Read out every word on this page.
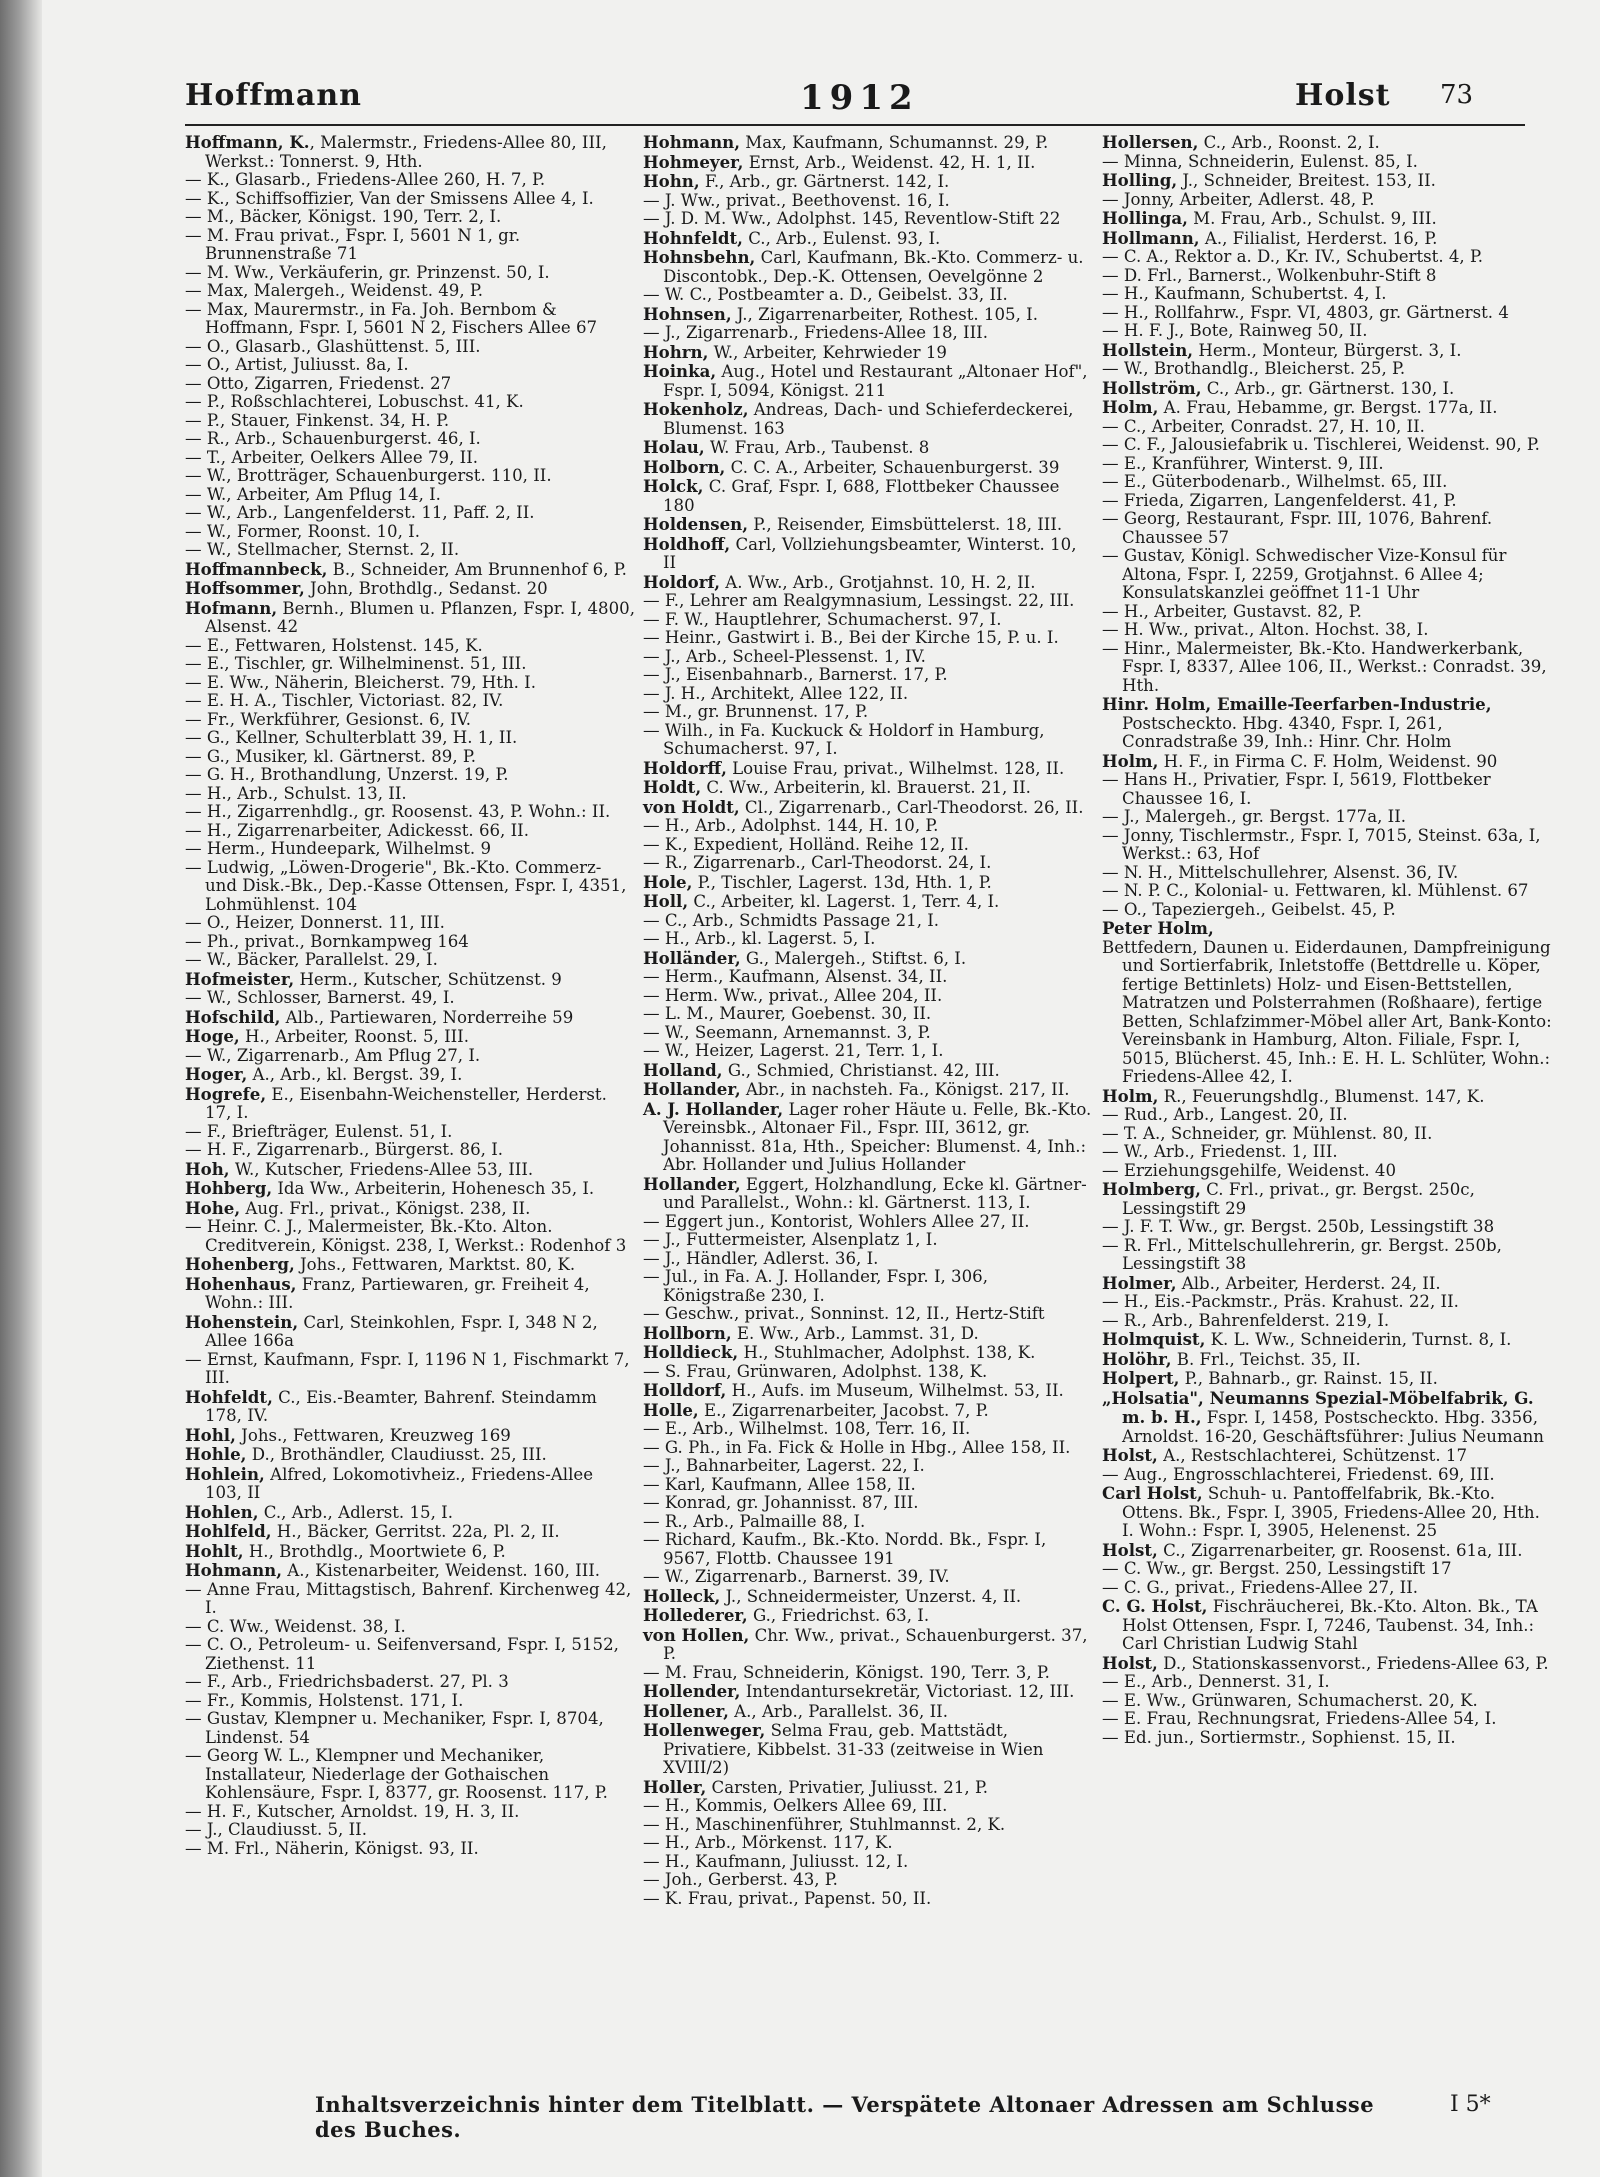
Hoffmann	1912	Holst 73
Hoffmann, K., Malermstr., Friedens-Allee 80, III, Werkst.: Tonnerst. 9, Hth.
— K., Glasarb., Friedens-Allee 260, H. 7, P.
— K., Schiffsoffizier, Van der Smissens Allee 4, I.
— M., Bäcker, Königst. 190, Terr. 2, I.
— M. Frau privat., Fspr. I, 5601 N 1, gr. Brunnenstraße 71
— M. Ww., Verkäuferin, gr. Prinzenst. 50, I.
— Max, Malergeh., Weidenst. 49, P.
— Max, Maurermstr., in Fa. Joh. Bernbom & Hoffmann, Fspr. I, 5601 N 2, Fischers Allee 67
— O., Glasarb., Glashüttenst. 5, III.
— O., Artist, Juliusst. 8a, I.
— Otto, Zigarren, Friedenst. 27
— P., Roßschlachterei, Lobuschst. 41, K.
— P., Stauer, Finkenst. 34, H. P.
— R., Arb., Schauenburgerst. 46, I.
— T., Arbeiter, Oelkers Allee 79, II.
— W., Brotträger, Schauenburgerst. 110, II.
— W., Arbeiter, Am Pflug 14, I.
— W., Arb., Langenfelderst. 11, Paff. 2, II.
— W., Former, Roonst. 10, I.
— W., Stellmacher, Sternst. 2, II.
Hoffmannbeck, B., Schneider, Am Brunnenhof 6, P.
Hoffsommer, John, Brothdlg., Sedanst. 20
Hofmann, Bernh., Blumen u. Pflanzen, Fspr. I, 4800, Alsenst. 42
— E., Fettwaren, Holstenst. 145, K.
— E., Tischler, gr. Wilhelminenst. 51, III.
— E. Ww., Näherin, Bleicherst. 79, Hth. I.
— E. H. A., Tischler, Victoriast. 82, IV.
— Fr., Werkführer, Gesionst. 6, IV.
— G., Kellner, Schulterblatt 39, H. 1, II.
— G., Musiker, kl. Gärtnerst. 89, P.
— G. H., Brothandlung, Unzerst. 19, P.
— H., Arb., Schulst. 13, II.
— H., Zigarrenhdlg., gr. Roosenst. 43, P. Wohn.: II.
— H., Zigarrenarbeiter, Adickesst. 66, II.
— Herm., Hundeepark, Wilhelmst. 9
— Ludwig, „Löwen-Drogerie", Bk.-Kto. Commerz- und Disk.-Bk., Dep.-Kasse Ottensen, Fspr. I, 4351, Lohmühlenst. 104
— O., Heizer, Donnerst. 11, III.
— Ph., privat., Bornkampweg 164
— W., Bäcker, Parallelst. 29, I.
Hofmeister, Herm., Kutscher, Schützenst. 9
— W., Schlosser, Barnerst. 49, I.
Hofschild, Alb., Partiewaren, Norderreihe 59
Hoge, H., Arbeiter, Roonst. 5, III.
— W., Zigarrenarb., Am Pflug 27, I.
Hoger, A., Arb., kl. Bergst. 39, I.
Hogrefe, E., Eisenbahn-Weichensteller, Herderst. 17, I.
— F., Briefträger, Eulenst. 51, I.
— H. F., Zigarrenarb., Bürgerst. 86, I.
Hoh, W., Kutscher, Friedens-Allee 53, III.
Hohberg, Ida Ww., Arbeiterin, Hohenesch 35, I.
Hohe, Aug. Frl., privat., Königst. 238, II.
— Heinr. C. J., Malermeister, Bk.-Kto. Alton. Creditverein, Königst. 238, I, Werkst.: Rodenhof 3
Hohenberg, Johs., Fettwaren, Marktst. 80, K.
Hohenhaus, Franz, Partiewaren, gr. Freiheit 4, Wohn.: III.
Hohenstein, Carl, Steinkohlen, Fspr. I, 348 N 2, Allee 166a
— Ernst, Kaufmann, Fspr. I, 1196 N 1, Fischmarkt 7, III.
Hohfeldt, C., Eis.-Beamter, Bahrenf. Steindamm 178, IV.
Hohl, Johs., Fettwaren, Kreuzweg 169
Hohle, D., Brothändler, Claudiusst. 25, III.
Hohlein, Alfred, Lokomotivheiz., Friedens-Allee 103, II
Hohlen, C., Arb., Adlerst. 15, I.
Hohlfeld, H., Bäcker, Gerritst. 22a, Pl. 2, II.
Hohlt, H., Brothdlg., Moortwiete 6, P.
Hohmann, A., Kistenarbeiter, Weidenst. 160, III.
— Anne Frau, Mittagstisch, Bahrenf. Kirchenweg 42, I.
— C. Ww., Weidenst. 38, I.
— C. O., Petroleum- u. Seifenversand, Fspr. I, 5152, Ziethenst. 11
— F., Arb., Friedrichsbaderst. 27, Pl. 3
— Fr., Kommis, Holstenst. 171, I.
— Gustav, Klempner u. Mechaniker, Fspr. I, 8704, Lindenst. 54
— Georg W. L., Klempner und Mechaniker, Installateur, Niederlage der Gothaischen Kohlensäure, Fspr. I, 8377, gr. Roosenst. 117, P.
— H. F., Kutscher, Arnoldst. 19, H. 3, II.
— J., Claudiusst. 5, II.
— M. Frl., Näherin, Königst. 93, II.
Hohmann, Max, Kaufmann, Schumannst. 29, P.
Hohmeyer, Ernst, Arb., Weidenst. 42, H. 1, II.
Hohn, F., Arb., gr. Gärtnerst. 142, I.
— J. Ww., privat., Beethovenst. 16, I.
— J. D. M. Ww., Adolphst. 145, Reventlow-Stift 22
Hohnfeldt, C., Arb., Eulenst. 93, I.
Hohnsbehn, Carl, Kaufmann, Bk.-Kto. Commerz- u. Discontobk., Dep.-K. Ottensen, Oevelgönne 2
— W. C., Postbeamter a. D., Geibelst. 33, II.
Hohnsen, J., Zigarrenarbeiter, Rothest. 105, I.
— J., Zigarrenarb., Friedens-Allee 18, III.
Hohrn, W., Arbeiter, Kehrwieder 19
Hoinka, Aug., Hotel und Restaurant „Altonaer Hof", Fspr. I, 5094, Königst. 211
Hokenholz, Andreas, Dach- und Schieferdeckerei, Blumenst. 163
Holau, W. Frau, Arb., Taubenst. 8
Holborn, C. C. A., Arbeiter, Schauenburgerst. 39
Holck, C. Graf, Fspr. I, 688, Flottbeker Chaussee 180
Holdensen, P., Reisender, Eimsbüttelerst. 18, III.
Holdhoff, Carl, Vollziehungsbeamter, Winterst. 10, II
Holdorf, A. Ww., Arb., Grotjahnst. 10, H. 2, II.
— F., Lehrer am Realgymnasium, Lessingst. 22, III.
— F. W., Hauptlehrer, Schumacherst. 97, I.
— Heinr., Gastwirt i. B., Bei der Kirche 15, P. u. I.
— J., Arb., Scheel-Plessenst. 1, IV.
— J., Eisenbahnarb., Barnerst. 17, P.
— J. H., Architekt, Allee 122, II.
— M., gr. Brunnenst. 17, P.
— Wilh., in Fa. Kuckuck & Holdorf in Hamburg, Schumacherst. 97, I.
Holdorff, Louise Frau, privat., Wilhelmst. 128, II.
Holdt, C. Ww., Arbeiterin, kl. Brauerst. 21, II.
von Holdt, Cl., Zigarrenarb., Carl-Theodorst. 26, II.
— H., Arb., Adolphst. 144, H. 10, P.
— K., Expedient, Holländ. Reihe 12, II.
— R., Zigarrenarb., Carl-Theodorst. 24, I.
Hole, P., Tischler, Lagerst. 13d, Hth. 1, P.
Holl, C., Arbeiter, kl. Lagerst. 1, Terr. 4, I.
— C., Arb., Schmidts Passage 21, I.
— H., Arb., kl. Lagerst. 5, I.
Holländer, G., Malergeh., Stiftst. 6, I.
— Herm., Kaufmann, Alsenst. 34, II.
— Herm. Ww., privat., Allee 204, II.
— L. M., Maurer, Goebenst. 30, II.
— W., Seemann, Arnemannst. 3, P.
— W., Heizer, Lagerst. 21, Terr. 1, I.
Holland, G., Schmied, Christianst. 42, III.
Hollander, Abr., in nachsteh. Fa., Königst. 217, II.
A. J. Hollander, Lager roher Häute u. Felle, Bk.-Kto. Vereinsbk., Altonaer Fil., Fspr. III, 3612, gr. Johannisst. 81a, Hth., Speicher: Blumenst. 4, Inh.: Abr. Hollander und Julius Hollander
Hollander, Eggert, Holzhandlung, Ecke kl. Gärtner- und Parallelst., Wohn.: kl. Gärtnerst. 113, I.
— Eggert jun., Kontorist, Wohlers Allee 27, II.
— J., Futtermeister, Alsenplatz 1, I.
— J., Händler, Adlerst. 36, I.
— Jul., in Fa. A. J. Hollander, Fspr. I, 306, Königstraße 230, I.
— Geschw., privat., Sonninst. 12, II., Hertz-Stift
Hollborn, E. Ww., Arb., Lammst. 31, D.
Holldieck, H., Stuhlmacher, Adolphst. 138, K.
— S. Frau, Grünwaren, Adolphst. 138, K.
Holldorf, H., Aufs. im Museum, Wilhelmst. 53, II.
Holle, E., Zigarrenarbeiter, Jacobst. 7, P.
— E., Arb., Wilhelmst. 108, Terr. 16, II.
— G. Ph., in Fa. Fick & Holle in Hbg., Allee 158, II.
— J., Bahnarbeiter, Lagerst. 22, I.
— Karl, Kaufmann, Allee 158, II.
— Konrad, gr. Johannisst. 87, III.
— R., Arb., Palmaille 88, I.
— Richard, Kaufm., Bk.-Kto. Nordd. Bk., Fspr. I, 9567, Flottb. Chaussee 191
— W., Zigarrenarb., Barnerst. 39, IV.
Holleck, J., Schneidermeister, Unzerst. 4, II.
Hollederer, G., Friedrichst. 63, I.
von Hollen, Chr. Ww., privat., Schauenburgerst. 37, P.
— M. Frau, Schneiderin, Königst. 190, Terr. 3, P.
Hollender, Intendantursekretär, Victoriast. 12, III.
Hollener, A., Arb., Parallelst. 36, II.
Hollenweger, Selma Frau, geb. Mattstädt, Privatiere, Kibbelst. 31-33 (zeitweise in Wien XVIII/2)
Holler, Carsten, Privatier, Juliusst. 21, P.
— H., Kommis, Oelkers Allee 69, III.
— H., Maschinenführer, Stuhlmannst. 2, K.
— H., Arb., Mörkenst. 117, K.
— H., Kaufmann, Juliusst. 12, I.
— Joh., Gerberst. 43, P.
— K. Frau, privat., Papenst. 50, II.
Hollersen, C., Arb., Roonst. 2, I.
— Minna, Schneiderin, Eulenst. 85, I.
Holling, J., Schneider, Breitest. 153, II.
— Jonny, Arbeiter, Adlerst. 48, P.
Hollinga, M. Frau, Arb., Schulst. 9, III.
Hollmann, A., Filialist, Herderst. 16, P.
— C. A., Rektor a. D., Kr. IV., Schubertst. 4, P.
— D. Frl., Barnerst., Wolkenbuhr-Stift 8
— H., Kaufmann, Schubertst. 4, I.
— H., Rollfahrw., Fspr. VI, 4803, gr. Gärtnerst. 4
— H. F. J., Bote, Rainweg 50, II.
Hollstein, Herm., Monteur, Bürgerst. 3, I.
— W., Brothandlg., Bleicherst. 25, P.
Hollström, C., Arb., gr. Gärtnerst. 130, I.
Holm, A. Frau, Hebamme, gr. Bergst. 177a, II.
— C., Arbeiter, Conradst. 27, H. 10, II.
— C. F., Jalousiefabrik u. Tischlerei, Weidenst. 90, P.
— E., Kranführer, Winterst. 9, III.
— E., Güterbodenarb., Wilhelmst. 65, III.
— Frieda, Zigarren, Langenfelderst. 41, P.
— Georg, Restaurant, Fspr. III, 1076, Bahrenf. Chaussee 57
— Gustav, Königl. Schwedischer Vize-Konsul für Altona, Fspr. I, 2259, Grotjahnst. 6 Allee 4; Konsulatskanzlei geöffnet 11-1 Uhr
— H., Arbeiter, Gustavst. 82, P.
— H. Ww., privat., Alton. Hochst. 38, I.
— Hinr., Malermeister, Bk.-Kto. Handwerkerbank, Fspr. I, 8337, Allee 106, II., Werkst.: Conradst. 39, Hth.
Hinr. Holm, Emaille-Teerfarben-Industrie, Postscheckto. Hbg. 4340, Fspr. I, 261, Conradstraße 39, Inh.: Hinr. Chr. Holm
Holm, H. F., in Firma C. F. Holm, Weidenst. 90
— Hans H., Privatier, Fspr. I, 5619, Flottbeker Chaussee 16, I.
— J., Malergeh., gr. Bergst. 177a, II.
— Jonny, Tischlermstr., Fspr. I, 7015, Steinst. 63a, I, Werkst.: 63, Hof
— N. H., Mittelschullehrer, Alsenst. 36, IV.
— N. P. C., Kolonial- u. Fettwaren, kl. Mühlenst. 67
— O., Tapeziergeh., Geibelst. 45, P.
Peter Holm,
Bettfedern, Daunen u. Eiderdaunen, Dampfreinigung und Sortierfabrik, Inletstoffe (Bettdrelle u. Köper, fertige Bettinlets) Holz- und Eisen-Bettstellen, Matratzen und Polsterrahmen (Roßhaare), fertige Betten, Schlafzimmer-Möbel aller Art, Bank-Konto: Vereinsbank in Hamburg, Alton. Filiale, Fspr. I, 5015, Blücherst. 45, Inh.: E. H. L. Schlüter, Wohn.: Friedens-Allee 42, I.
Holm, R., Feuerungshdlg., Blumenst. 147, K.
— Rud., Arb., Langest. 20, II.
— T. A., Schneider, gr. Mühlenst. 80, II.
— W., Arb., Friedenst. 1, III.
— Erziehungsgehilfe, Weidenst. 40
Holmberg, C. Frl., privat., gr. Bergst. 250c, Lessingstift 29
— J. F. T. Ww., gr. Bergst. 250b, Lessingstift 38
— R. Frl., Mittelschullehrerin, gr. Bergst. 250b, Lessingstift 38
Holmer, Alb., Arbeiter, Herderst. 24, II.
— H., Eis.-Packmstr., Präs. Krahust. 22, II.
— R., Arb., Bahrenfelderst. 219, I.
Holmquist, K. L. Ww., Schneiderin, Turnst. 8, I.
Holöhr, B. Frl., Teichst. 35, II.
Holpert, P., Bahnarb., gr. Rainst. 15, II.
„Holsatia", Neumanns Spezial-Möbelfabrik, G. m. b. H., Fspr. I, 1458, Postscheckto. Hbg. 3356, Arnoldst. 16-20, Geschäftsführer: Julius Neumann
Holst, A., Restschlachterei, Schützenst. 17
— Aug., Engrosschlachterei, Friedenst. 69, III.
Carl Holst, Schuh- u. Pantoffelfabrik, Bk.-Kto. Ottens. Bk., Fspr. I, 3905, Friedens-Allee 20, Hth. I. Wohn.: Fspr. I, 3905, Helenenst. 25
Holst, C., Zigarrenarbeiter, gr. Roosenst. 61a, III.
— C. Ww., gr. Bergst. 250, Lessingstift 17
— C. G., privat., Friedens-Allee 27, II.
C. G. Holst, Fischräucherei, Bk.-Kto. Alton. Bk., TA Holst Ottensen, Fspr. I, 7246, Taubenst. 34, Inh.: Carl Christian Ludwig Stahl
Holst, D., Stationskassenvorst., Friedens-Allee 63, P.
— E., Arb., Dennerst. 31, I.
— E. Ww., Grünwaren, Schumacherst. 20, K.
— E. Frau, Rechnungsrat, Friedens-Allee 54, I.
— Ed. jun., Sortiermstr., Sophienst. 15, II.
Inhaltsverzeichnis hinter dem Titelblatt. — Verspätete Altonaer Adressen am Schlusse des Buches.
I 5*
